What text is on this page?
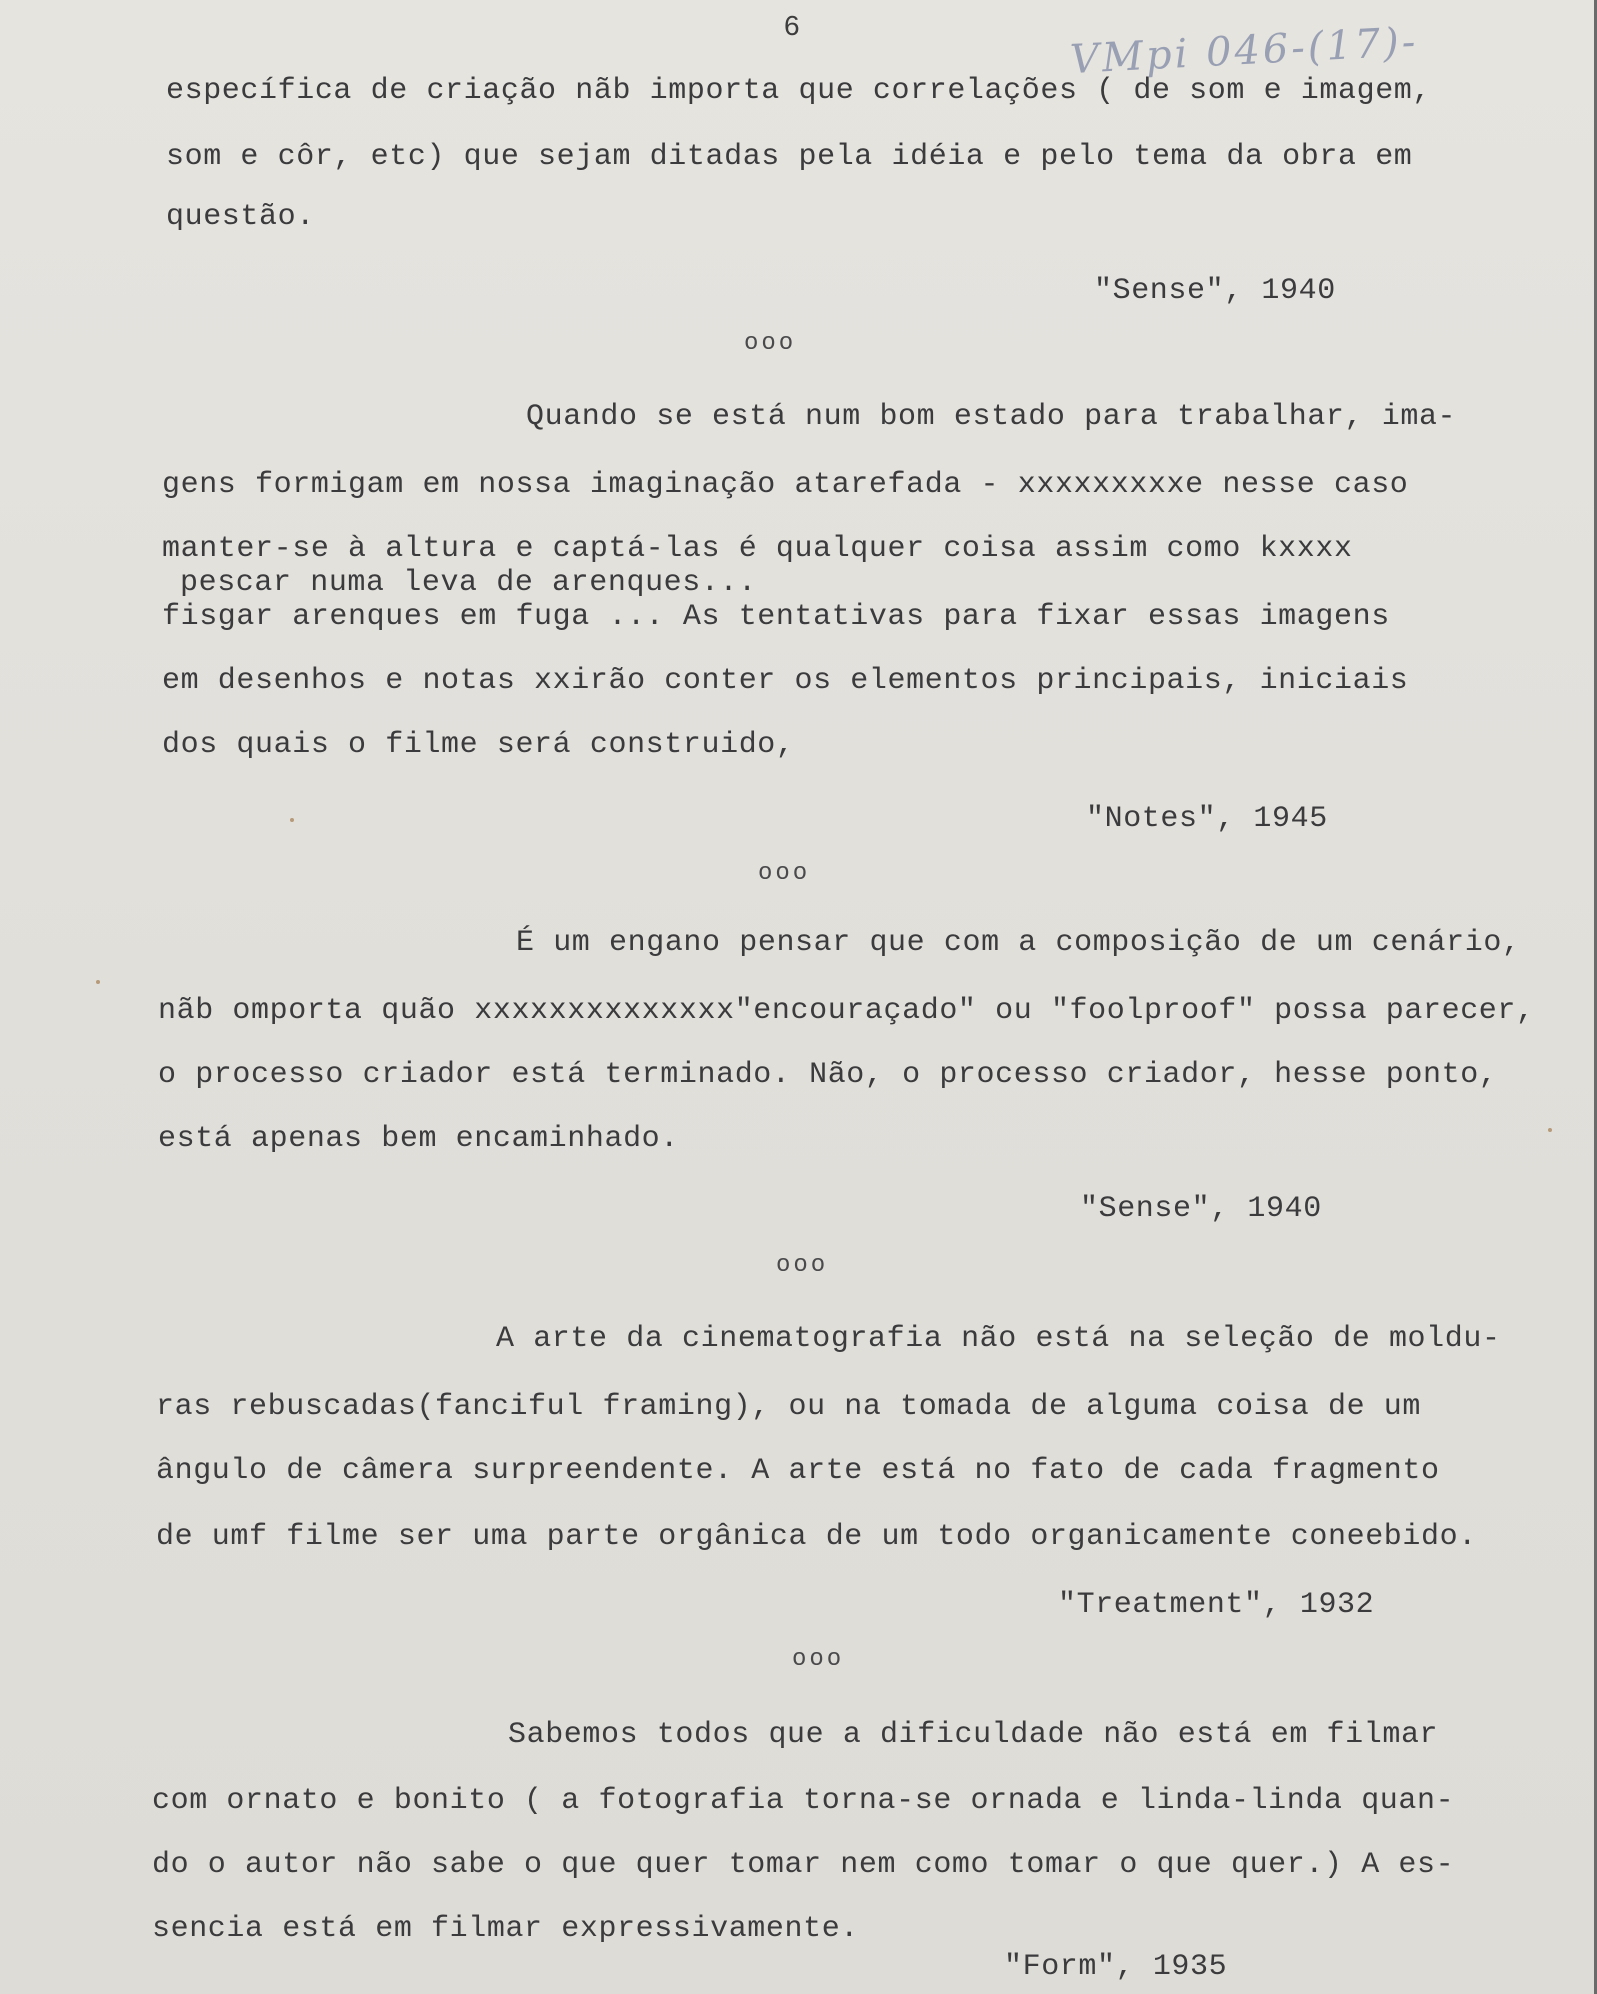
6	VMpi 046-(17)-
específica de criação nãb importa que correlações ( de som e imagem,
som e côr, etc) que sejam ditadas pela idéia e pelo tema da obra em
questão.
"Sense", 1940
ooo
Quando se está num bom estado para trabalhar, ima-
gens formigam em nossa imaginação atarefada - xxxxxxxxxe nesse caso
manter-se à altura e captá-las é qualquer coisa assim como kxxxx
pescar numa leva de arenques...
fisgar arenques em fuga ... As tentativas para fixar essas imagens
em desenhos e notas xxirão conter os elementos principais, iniciais
dos quais o filme será construido,
"Notes", 1945
ooo
É um engano pensar que com a composição de um cenário,
nãb omporta quão xxxxxxxxxxxxxx"encouraçado" ou "foolproof" possa parecer,
o processo criador está terminado. Não, o processo criador, hesse ponto,
está apenas bem encaminhado.
"Sense", 1940
ooo
A arte da cinematografia não está na seleção de moldu-
ras rebuscadas(fanciful framing), ou na tomada de alguma coisa de um
ângulo de câmera surpreendente. A arte está no fato de cada fragmento
de umf filme ser uma parte orgânica de um todo organicamente coneebido.
"Treatment", 1932
ooo
Sabemos todos que a dificuldade não está em filmar
com ornato e bonito ( a fotografia torna-se ornada e linda-linda quan-
do o autor não sabe o que quer tomar nem como tomar o que quer.) A es-
sencia está em filmar expressivamente.
"Form", 1935
